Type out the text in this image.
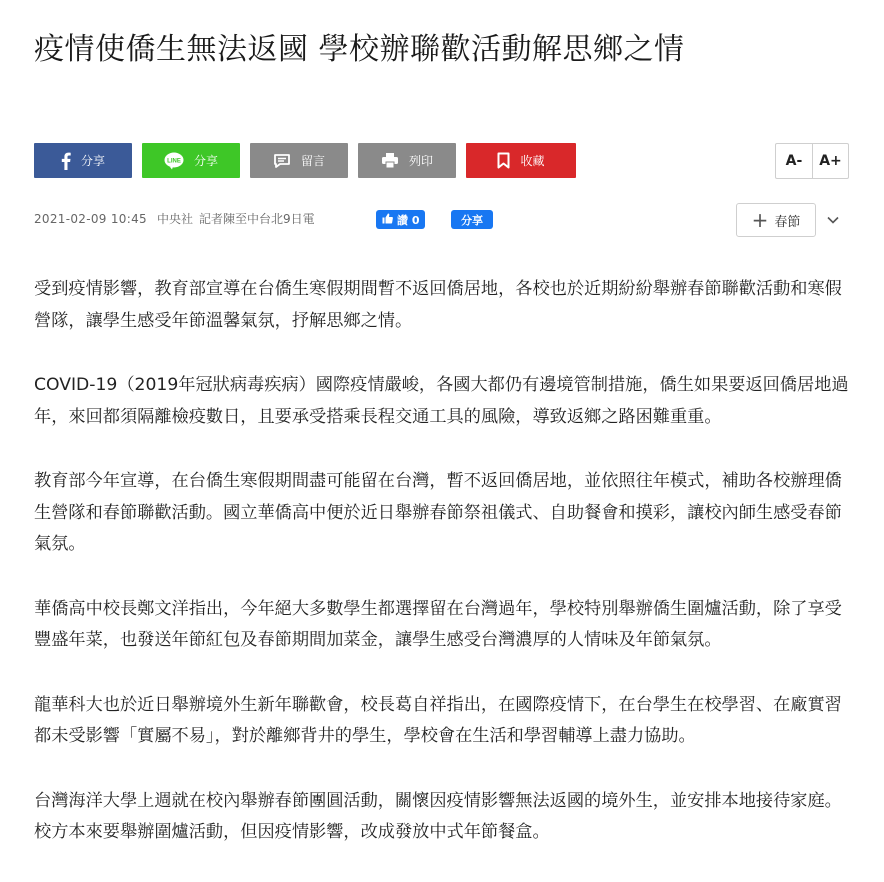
疫情使僑生無法返國 學校辦聯歡活動解思鄉之情
分享	LINE 分享	留言	列印	收藏	A-	A+
2021-02-09 10:45 中央社 記者陳至中台北9日電	讚 0	分享	+ 春節

受到疫情影響，教育部宣導在台僑生寒假期間暫不返回僑居地，各校也於近期紛紛舉辦春節聯歡活動和寒假營隊，讓學生感受年節溫馨氣氛，抒解思鄉之情。

COVID-19（2019年冠狀病毒疾病）國際疫情嚴峻，各國大都仍有邊境管制措施，僑生如果要返回僑居地過年，來回都須隔離檢疫數日，且要承受搭乘長程交通工具的風險，導致返鄉之路困難重重。

教育部今年宣導，在台僑生寒假期間盡可能留在台灣，暫不返回僑居地，並依照往年模式，補助各校辦理僑生營隊和春節聯歡活動。國立華僑高中便於近日舉辦春節祭祖儀式、自助餐會和摸彩，讓校內師生感受春節氣氛。

華僑高中校長鄭文洋指出，今年絕大多數學生都選擇留在台灣過年，學校特別舉辦僑生圍爐活動，除了享受豐盛年菜，也發送年節紅包及春節期間加菜金，讓學生感受台灣濃厚的人情味及年節氣氛。

龍華科大也於近日舉辦境外生新年聯歡會，校長葛自祥指出，在國際疫情下，在台學生在校學習、在廠實習都未受影響「實屬不易」，對於離鄉背井的學生，學校會在生活和學習輔導上盡力協助。

台灣海洋大學上週就在校內舉辦春節團圓活動，關懷因疫情影響無法返國的境外生，並安排本地接待家庭。校方本來要舉辦圍爐活動，但因疫情影響，改成發放中式年節餐盒。
